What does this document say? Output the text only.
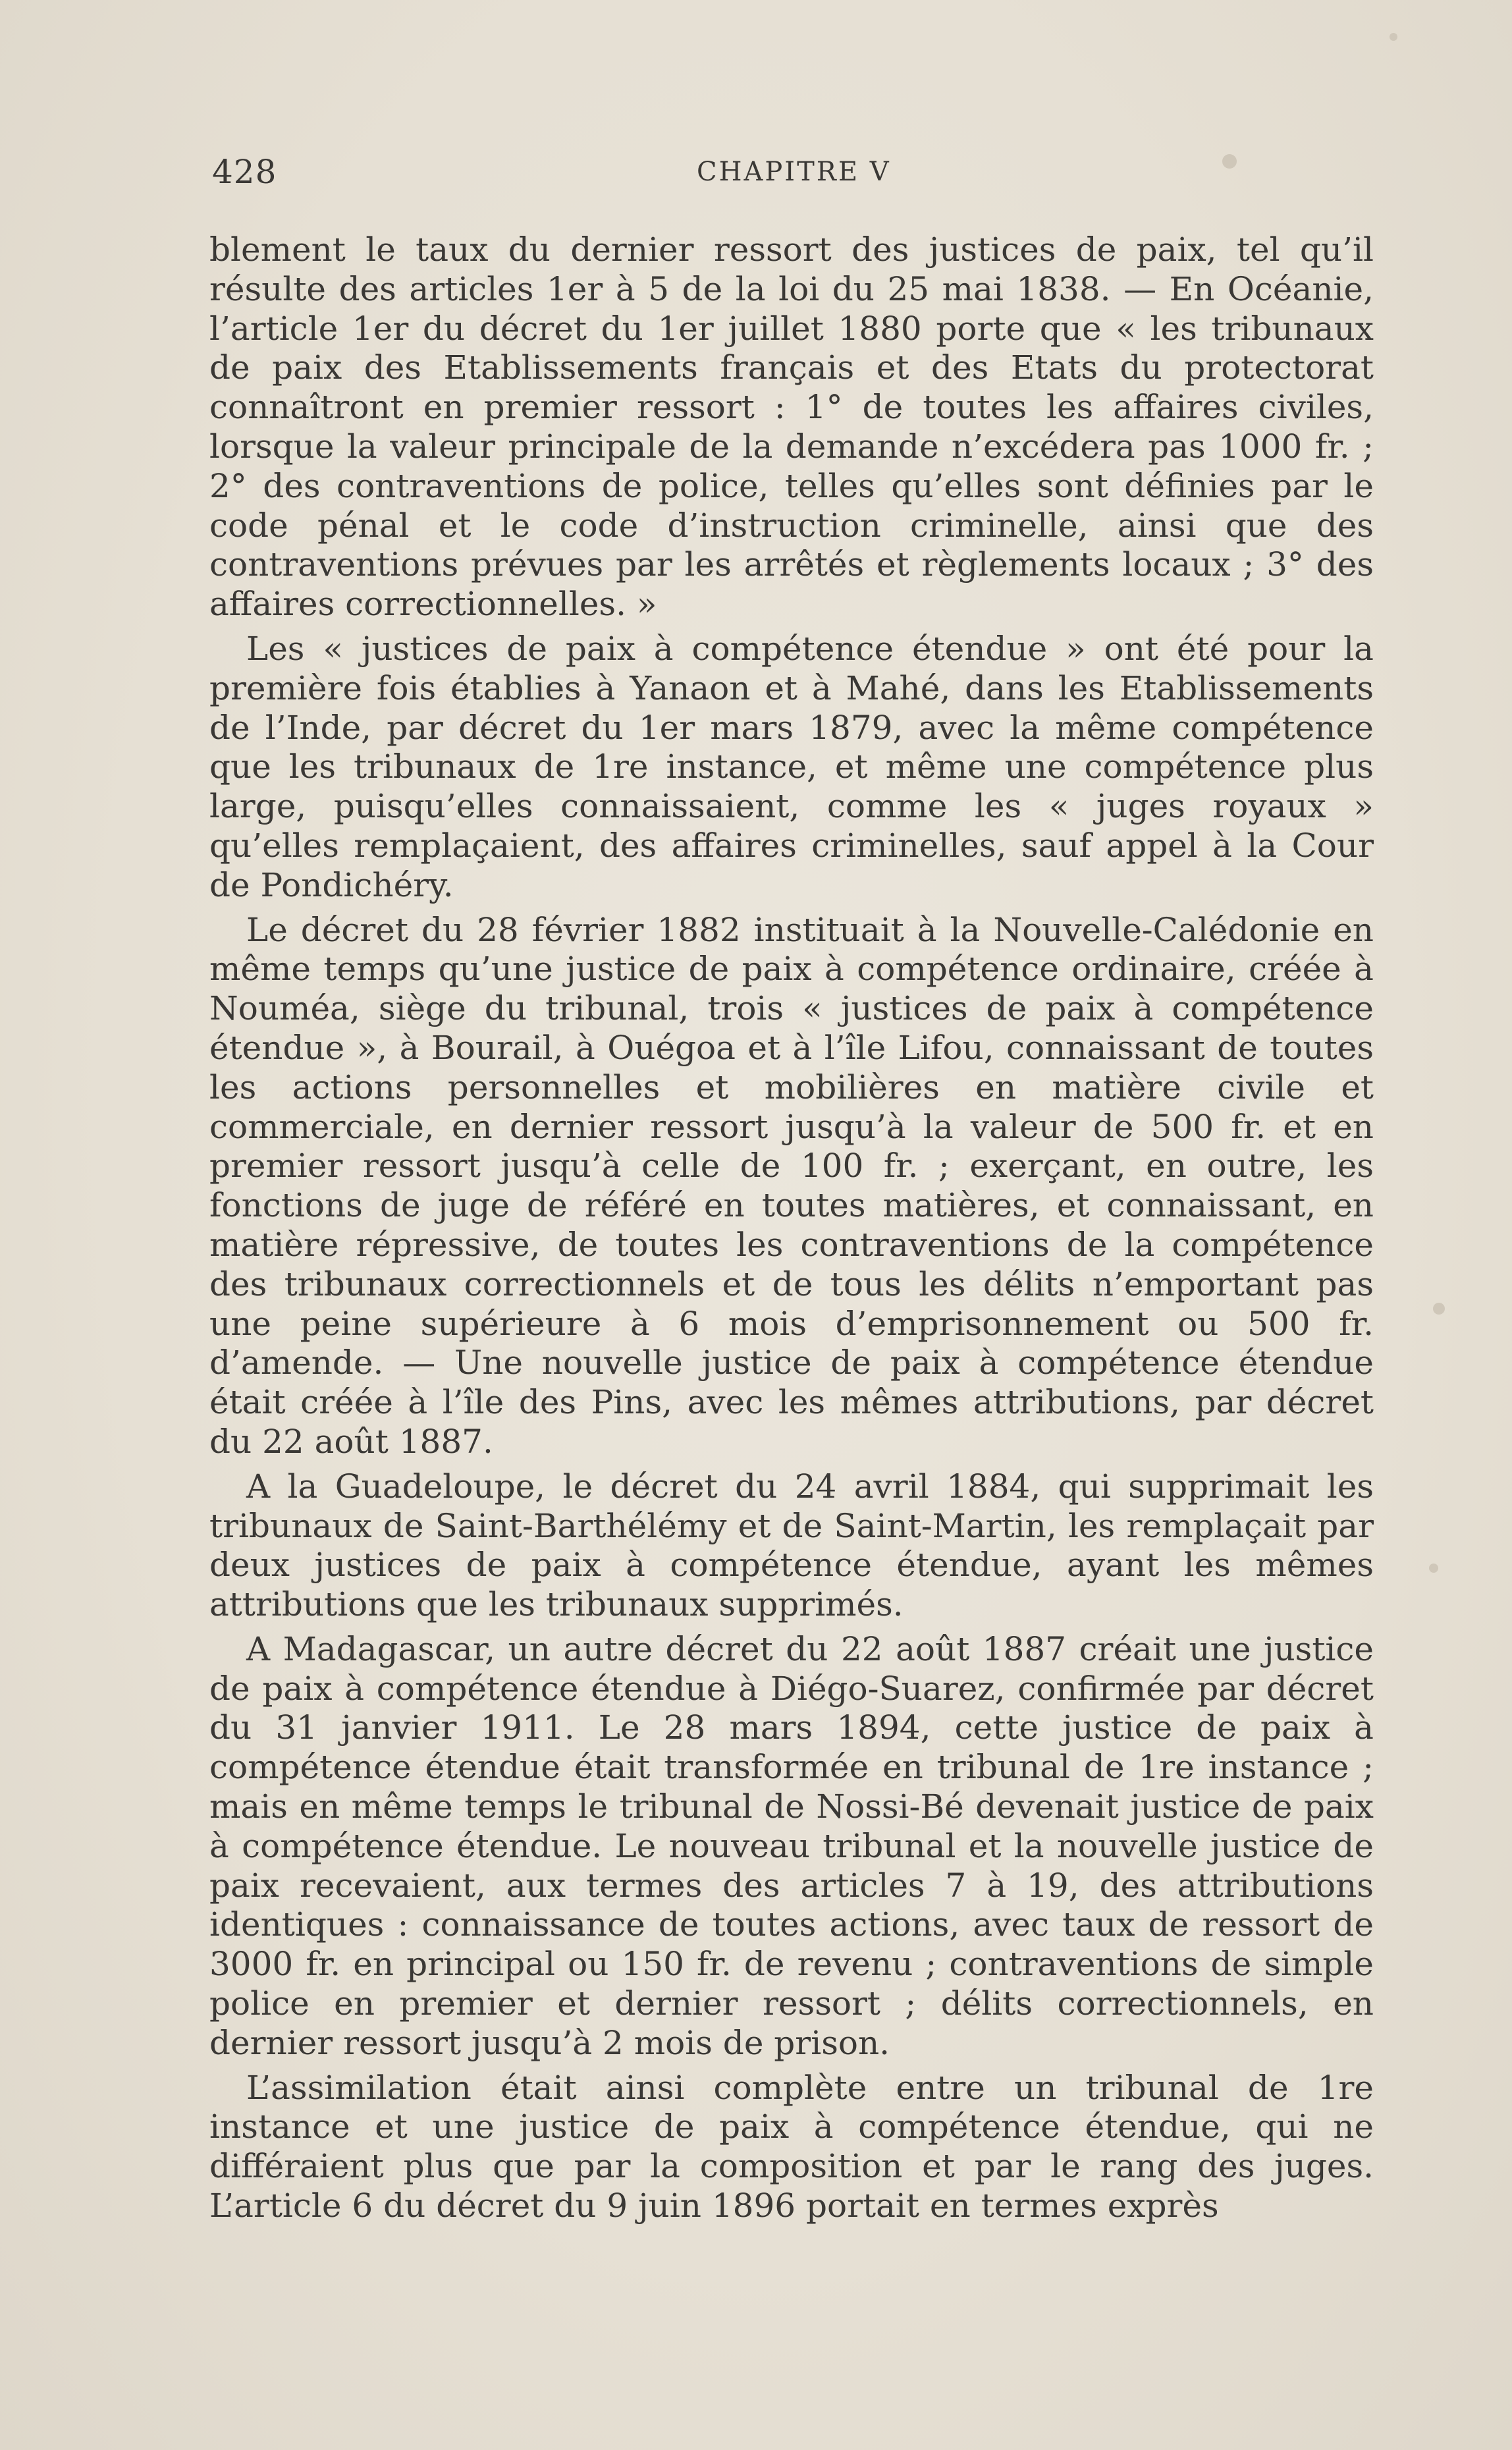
428	CHAPITRE V

blement le taux du dernier ressort des justices de paix, tel qu’il résulte des articles 1er à 5 de la loi du 25 mai 1838. — En Océanie, l’article 1er du décret du 1er juillet 1880 porte que « les tribunaux de paix des Etablissements français et des Etats du protectorat connaîtront en premier ressort : 1° de toutes les affaires civiles, lorsque la valeur principale de la demande n’excédera pas 1000 fr. ; 2° des contraventions de police, telles qu’elles sont définies par le code pénal et le code d’instruction criminelle, ainsi que des contraventions prévues par les arrêtés et règlements locaux ; 3° des affaires correctionnelles. »

Les « justices de paix à compétence étendue » ont été pour la première fois établies à Yanaon et à Mahé, dans les Etablissements de l’Inde, par décret du 1er mars 1879, avec la même compétence que les tribunaux de 1re instance, et même une compétence plus large, puisqu’elles connaissaient, comme les « juges royaux » qu’elles remplaçaient, des affaires criminelles, sauf appel à la Cour de Pondichéry.

Le décret du 28 février 1882 instituait à la Nouvelle-Calédonie en même temps qu’une justice de paix à compétence ordinaire, créée à Nouméa, siège du tribunal, trois « justices de paix à compétence étendue », à Bourail, à Ouégoa et à l’île Lifou, connaissant de toutes les actions personnelles et mobilières en matière civile et commerciale, en dernier ressort jusqu’à la valeur de 500 fr. et en premier ressort jusqu’à celle de 100 fr. ; exerçant, en outre, les fonctions de juge de référé en toutes matières, et connaissant, en matière répressive, de toutes les contraventions de la compétence des tribunaux correctionnels et de tous les délits n’emportant pas une peine supérieure à 6 mois d’emprisonnement ou 500 fr. d’amende. — Une nouvelle justice de paix à compétence étendue était créée à l’île des Pins, avec les mêmes attributions, par décret du 22 août 1887.

A la Guadeloupe, le décret du 24 avril 1884, qui supprimait les tribunaux de Saint-Barthélémy et de Saint-Martin, les remplaçait par deux justices de paix à compétence étendue, ayant les mêmes attributions que les tribunaux supprimés.

A Madagascar, un autre décret du 22 août 1887 créait une justice de paix à compétence étendue à Diégo-Suarez, confirmée par décret du 31 janvier 1911. Le 28 mars 1894, cette justice de paix à compétence étendue était transformée en tribunal de 1re instance ; mais en même temps le tribunal de Nossi-Bé devenait justice de paix à compétence étendue. Le nouveau tribunal et la nouvelle justice de paix recevaient, aux termes des articles 7 à 19, des attributions identiques : connaissance de toutes actions, avec taux de ressort de 3000 fr. en principal ou 150 fr. de revenu ; contraventions de simple police en premier et dernier ressort ; délits correctionnels, en dernier ressort jusqu’à 2 mois de prison.

L’assimilation était ainsi complète entre un tribunal de 1re instance et une justice de paix à compétence étendue, qui ne différaient plus que par la composition et par le rang des juges. L’article 6 du décret du 9 juin 1896 portait en termes exprès
